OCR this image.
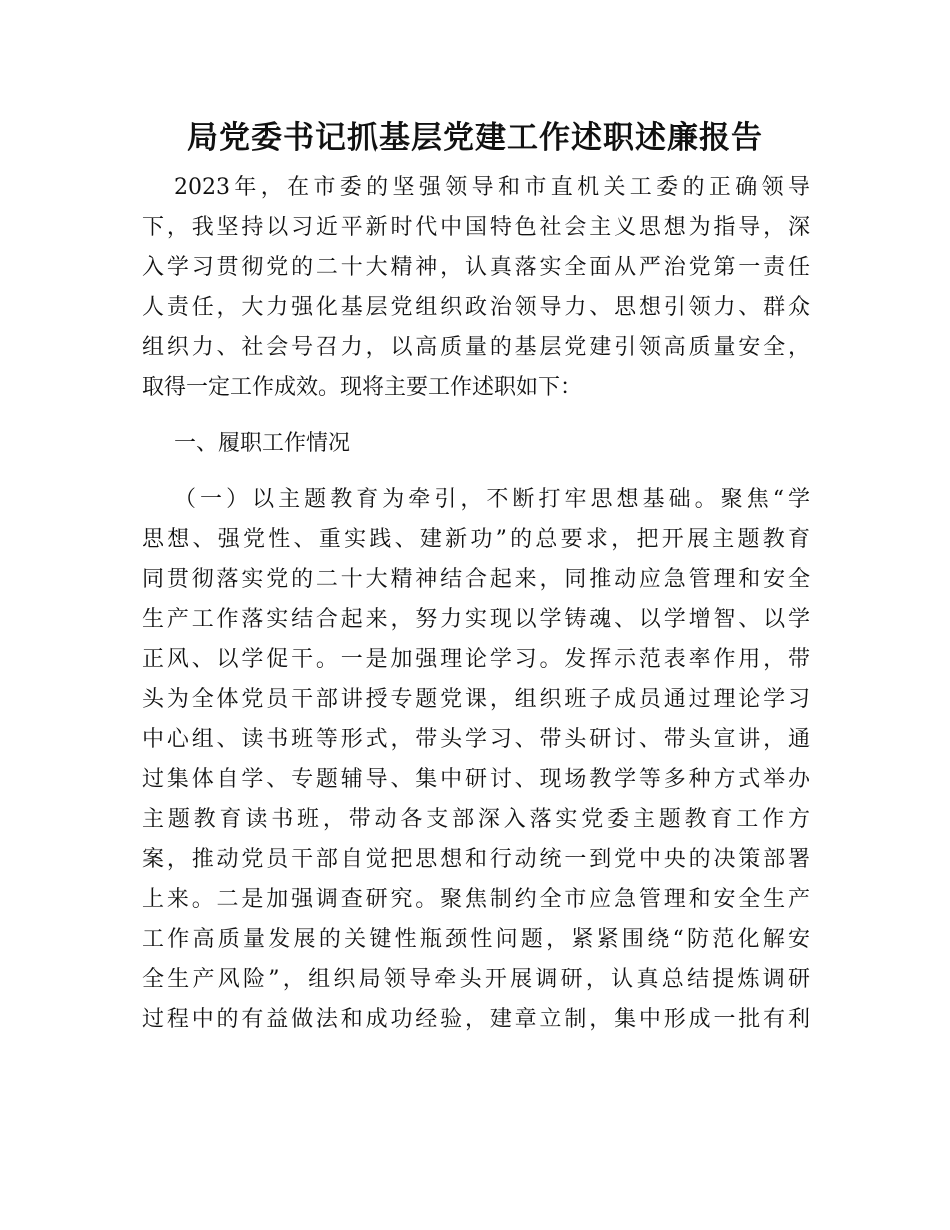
局党委书记抓基层党建工作述职述廉报告
2023年，在市委的坚强领导和市直机关工委的正确领导
下，我坚持以习近平新时代中国特色社会主义思想为指导，深
入学习贯彻党的二十大精神，认真落实全面从严治党第一责任
人责任，大力强化基层党组织政治领导力、思想引领力、群众
组织力、社会号召力，以高质量的基层党建引领高质量安全，
取得一定工作成效。现将主要工作述职如下：
一、履职工作情况
（一）以主题教育为牵引，不断打牢思想基础。聚焦“学
思想、强党性、重实践、建新功”的总要求，把开展主题教育
同贯彻落实党的二十大精神结合起来，同推动应急管理和安全
生产工作落实结合起来，努力实现以学铸魂、以学增智、以学
正风、以学促干。一是加强理论学习。发挥示范表率作用，带
头为全体党员干部讲授专题党课，组织班子成员通过理论学习
中心组、读书班等形式，带头学习、带头研讨、带头宣讲，通
过集体自学、专题辅导、集中研讨、现场教学等多种方式举办
主题教育读书班，带动各支部深入落实党委主题教育工作方
案，推动党员干部自觉把思想和行动统一到党中央的决策部署
上来。二是加强调查研究。聚焦制约全市应急管理和安全生产
工作高质量发展的关键性瓶颈性问题，紧紧围绕“防范化解安
全生产风险”，组织局领导牵头开展调研，认真总结提炼调研
过程中的有益做法和成功经验，建章立制，集中形成一批有利
